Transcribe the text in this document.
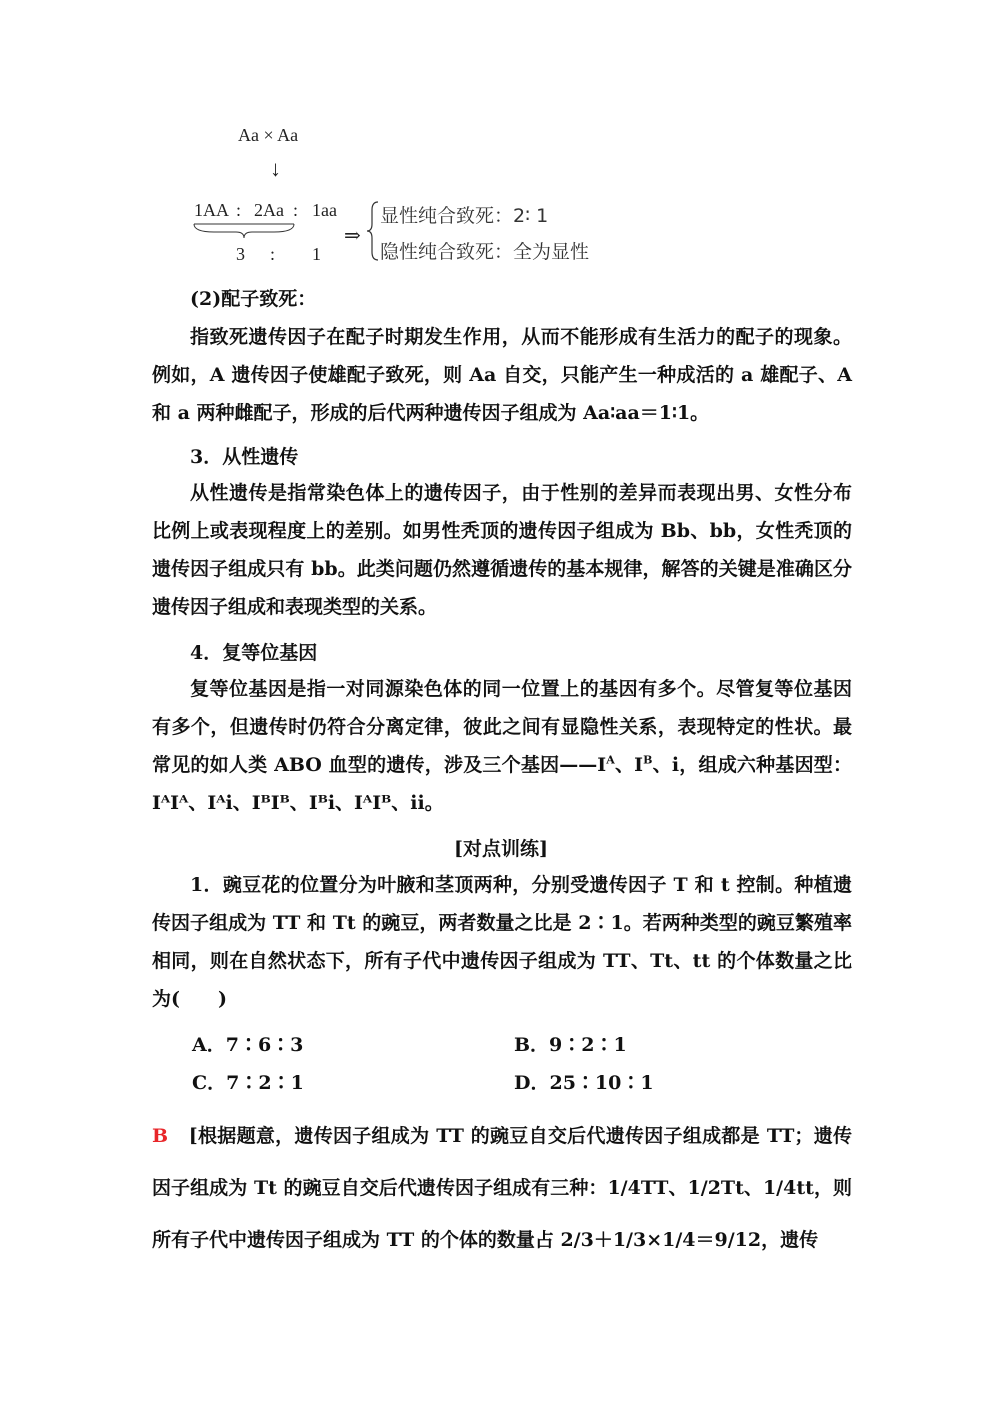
Aa × Aa
↓
1AA : 2Aa : 1aa
3 : 1
⇒
显性纯合致死：2∶ 1
隐性纯合致死：全为显性
(2)配子致死：
指致死遗传因子在配子时期发生作用，从而不能形成有生活力的配子的现象。例如，A 遗传因子使雄配子致死，则 Aa 自交，只能产生一种成活的 a 雄配子、A 和 a 两种雌配子，形成的后代两种遗传因子组成为 Aa∶aa＝1∶1。
3．从性遗传
从性遗传是指常染色体上的遗传因子，由于性别的差异而表现出男、女性分布比例上或表现程度上的差别。如男性秃顶的遗传因子组成为 Bb、bb，女性秃顶的遗传因子组成只有 bb。此类问题仍然遵循遗传的基本规律，解答的关键是准确区分遗传因子组成和表现类型的关系。
4．复等位基因
复等位基因是指一对同源染色体的同一位置上的基因有多个。尽管复等位基因有多个，但遗传时仍符合分离定律，彼此之间有显隐性关系，表现特定的性状。最常见的如人类 ABO 血型的遗传，涉及三个基因$——I^A$、$I^B$、i，组成六种基因型：IᴬIᴬ、Iᴬi、IᴮIᴮ、Iᴮi、IᴬIᴮ、ii。
[对点训练]
1．豌豆花的位置分为叶腋和茎顶两种，分别受遗传因子 T 和 t 控制。种植遗传因子组成为 TT 和 Tt 的豌豆，两者数量之比是 2∶1。若两种类型的豌豆繁殖率相同，则在自然状态下，所有子代中遗传因子组成为 TT、Tt、tt 的个体数量之比为(　　)
A．7∶6∶3	B．9∶2∶1
C．7∶2∶1	D．25∶10∶1
B [根据题意，遗传因子组成为 TT 的豌豆自交后代遗传因子组成都是 TT；遗传因子组成为 Tt 的豌豆自交后代遗传因子组成有三种：1/4TT、1/2Tt、1/4tt，则所有子代中遗传因子组成为 TT 的个体的数量占 2/3＋1/3×1/4＝9/12，遗传
